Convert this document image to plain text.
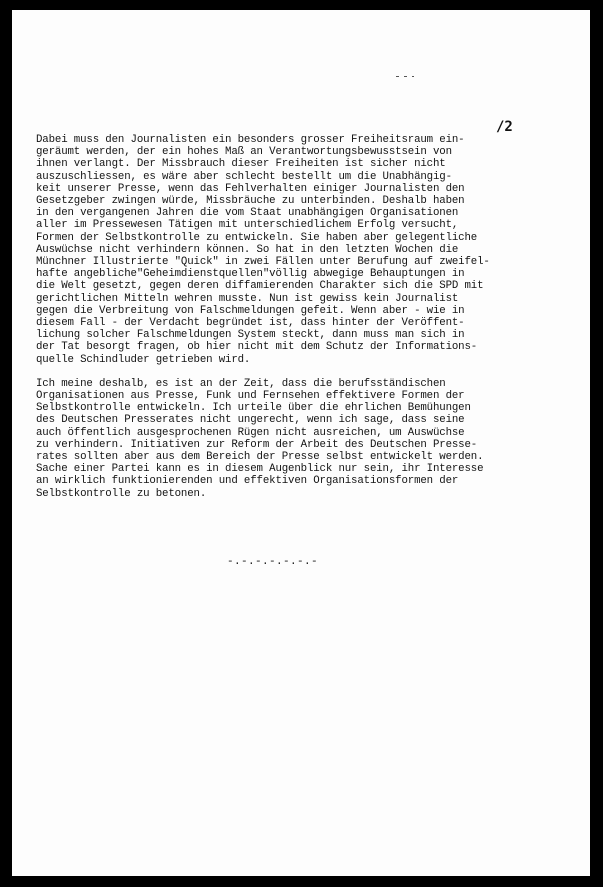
/2
Dabei muss den Journalisten ein besonders grosser Freiheitsraum ein-
geräumt werden, der ein hohes Maß an Verantwortungsbewusstsein von
ihnen verlangt. Der Missbrauch dieser Freiheiten ist sicher nicht
auszuschliessen, es wäre aber schlecht bestellt um die Unabhängig-
keit unserer Presse, wenn das Fehlverhalten einiger Journalisten den
Gesetzgeber zwingen würde, Missbräuche zu unterbinden. Deshalb haben
in den vergangenen Jahren die vom Staat unabhängigen Organisationen
aller im Pressewesen Tätigen mit unterschiedlichem Erfolg versucht,
Formen der Selbstkontrolle zu entwickeln. Sie haben aber gelegentliche
Auswüchse nicht verhindern können. So hat in den letzten Wochen die
Münchner Illustrierte "Quick" in zwei Fällen unter Berufung auf zweifel-
hafte angebliche"Geheimdienstquellen"völlig abwegige Behauptungen in
die Welt gesetzt, gegen deren diffamierenden Charakter sich die SPD mit
gerichtlichen Mitteln wehren musste. Nun ist gewiss kein Journalist
gegen die Verbreitung von Falschmeldungen gefeit. Wenn aber - wie in
diesem Fall - der Verdacht begründet ist, dass hinter der Veröffent-
lichung solcher Falschmeldungen System steckt, dann muss man sich in
der Tat besorgt fragen, ob hier nicht mit dem Schutz der Informations-
quelle Schindluder getrieben wird.
Ich meine deshalb, es ist an der Zeit, dass die berufsständischen
Organisationen aus Presse, Funk und Fernsehen effektivere Formen der
Selbstkontrolle entwickeln. Ich urteile über die ehrlichen Bemühungen
des Deutschen Presserates nicht ungerecht, wenn ich sage, dass seine
auch öffentlich ausgesprochenen Rügen nicht ausreichen, um Auswüchse
zu verhindern. Initiativen zur Reform der Arbeit des Deutschen Presse-
rates sollten aber aus dem Bereich der Presse selbst entwickelt werden.
Sache einer Partei kann es in diesem Augenblick nur sein, ihr Interesse
an wirklich funktionierenden und effektiven Organisationsformen der
Selbstkontrolle zu betonen.
-.-.-.-.-.-.-
